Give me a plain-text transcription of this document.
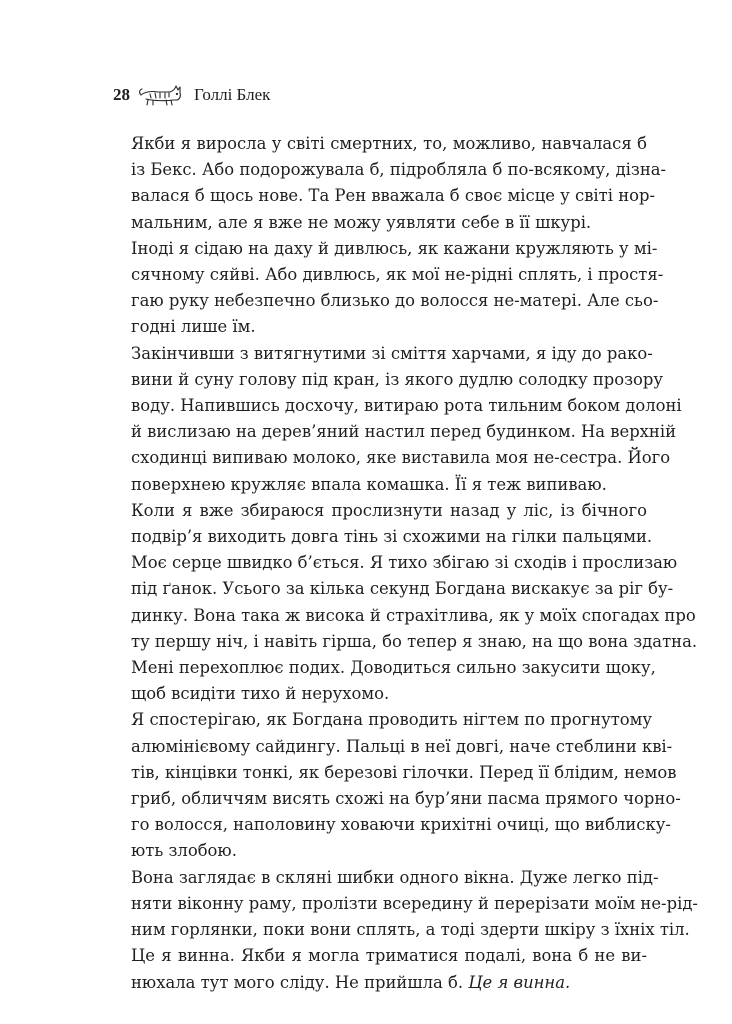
28	Голлі Блек

Якби я виросла у світі смертних, то, можливо, навчалася б
із Бекс. Або подорожувала б, підробляла б по-всякому, дізна-
валася б щось нове. Та Рен вважала б своє місце у світі нор-
мальним, але я вже не можу уявляти себе в її шкурі.

Іноді я сідаю на даху й дивлюсь, як кажани кружляють у мі-
сячному сяйві. Або дивлюсь, як мої не-рідні сплять, і простя-
гаю руку небезпечно близько до волосся не-матері. Але сьо-
годні лише їм.

Закінчивши з витягнутими зі сміття харчами, я іду до рако-
вини й суну голову під кран, із якого дудлю солодку прозору
воду. Напившись досхочу, витираю рота тильним боком долоні
й вислизаю на дерев’яний настил перед будинком. На верхній
сходинці випиваю молоко, яке виставила моя не-сестра. Його
поверхнею кружляє впала комашка. Її я теж випиваю.

Коли я вже збираюся прослизнути назад у ліс, із бічного
подвір’я виходить довга тінь зі схожими на гілки пальцями.

Моє серце швидко б’ється. Я тихо збігаю зі сходів і прослизаю
під ґанок. Усього за кілька секунд Богдана вискакує за ріг бу-
динку. Вона така ж висока й страхітлива, як у моїх спогадах про
ту першу ніч, і навіть гірша, бо тепер я знаю, на що вона здатна.

Мені перехоплює подих. Доводиться сильно закусити щоку,
щоб всидіти тихо й нерухомо.

Я спостерігаю, як Богдана проводить нігтем по прогнутому
алюмінієвому сайдингу. Пальці в неї довгі, наче стеблини кві-
тів, кінцівки тонкі, як березові гілочки. Перед її блідим, немов
гриб, обличчям висять схожі на бур’яни пасма прямого чорно-
го волосся, наполовину ховаючи крихітні очиці, що виблиску-
ють злобою.

Вона заглядає в скляні шибки одного вікна. Дуже легко під-
няти віконну раму, пролізти всередину й перерізати моїм не-рід-
ним горлянки, поки вони сплять, а тоді здерти шкіру з їхніх тіл.

Це я винна. Якби я могла триматися подалі, вона б не ви-
нюхала тут мого сліду. Не прийшла б. Це я винна.
